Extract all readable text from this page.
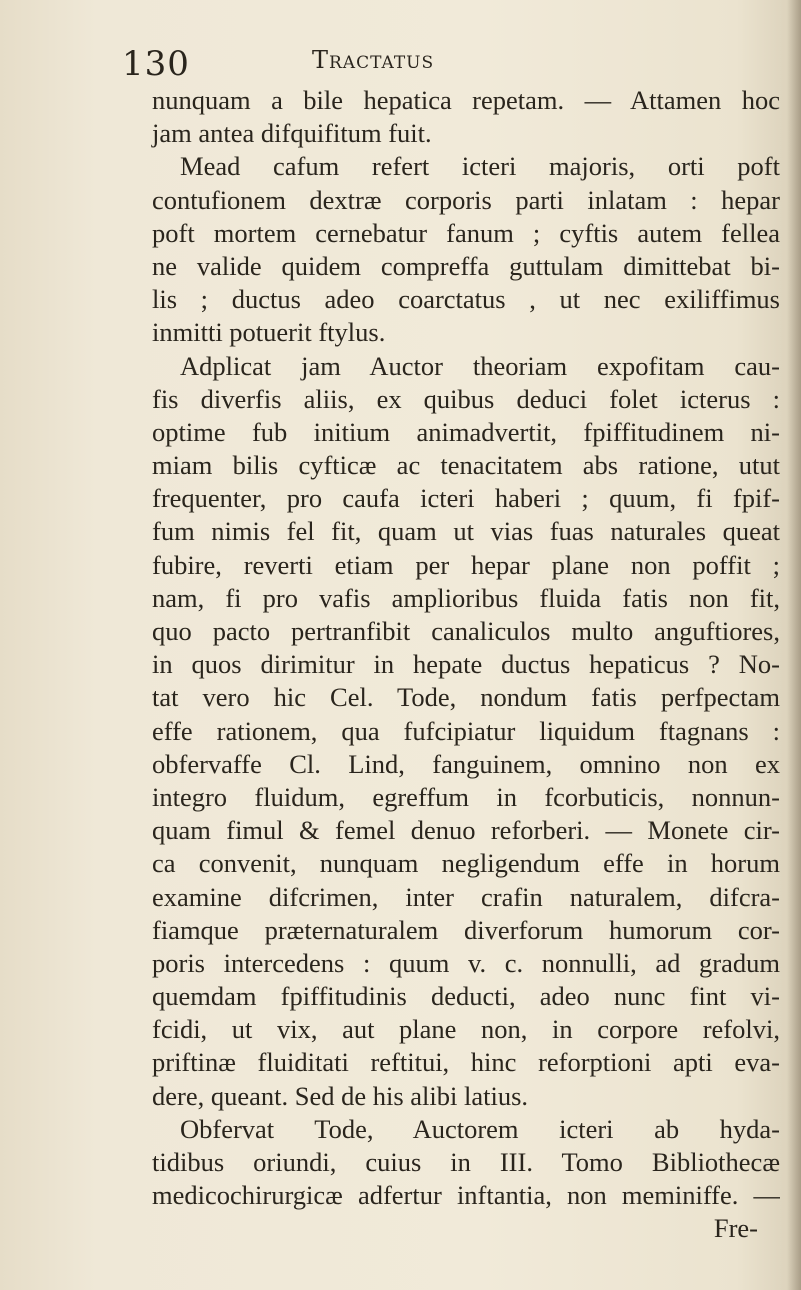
130	Tractatus
nunquam a bile hepatica repetam. — Attamen hoc
jam antea difquifitum fuit.
Mead cafum refert icteri majoris, orti poft
contufionem dextræ corporis parti inlatam : hepar
poft mortem cernebatur fanum ; cyftis autem fellea
ne valide quidem compreffa guttulam dimittebat bi-
lis ; ductus adeo coarctatus , ut nec exiliffimus
inmitti potuerit ftylus.
Adplicat jam Auctor theoriam expofitam cau-
fis diverfis aliis, ex quibus deduci folet icterus :
optime fub initium animadvertit, fpiffitudinem ni-
miam bilis cyfticæ ac tenacitatem abs ratione, utut
frequenter, pro caufa icteri haberi ; quum, fi fpif-
fum nimis fel fit, quam ut vias fuas naturales queat
fubire, reverti etiam per hepar plane non poffit ;
nam, fi pro vafis amplioribus fluida fatis non fit,
quo pacto pertranfibit canaliculos multo anguftiores,
in quos dirimitur in hepate ductus hepaticus ? No-
tat vero hic Cel. Tode, nondum fatis perfpectam
effe rationem, qua fufcipiatur liquidum ftagnans :
obfervaffe Cl. Lind, fanguinem, omnino non ex
integro fluidum, egreffum in fcorbuticis, nonnun-
quam fimul & femel denuo reforberi. — Monete cir-
ca convenit, nunquam negligendum effe in horum
examine difcrimen, inter crafin naturalem, difcra-
fiamque præternaturalem diverforum humorum cor-
poris intercedens : quum v. c. nonnulli, ad gradum
quemdam fpiffitudinis deducti, adeo nunc fint vi-
fcidi, ut vix, aut plane non, in corpore refolvi,
priftinæ fluiditati reftitui, hinc reforptioni apti eva-
dere, queant. Sed de his alibi latius.
Obfervat Tode, Auctorem icteri ab hyda-
tidibus oriundi, cuius in III. Tomo Bibliothecæ
medicochirurgicæ adfertur inftantia, non meminiffe. —
Fre-
